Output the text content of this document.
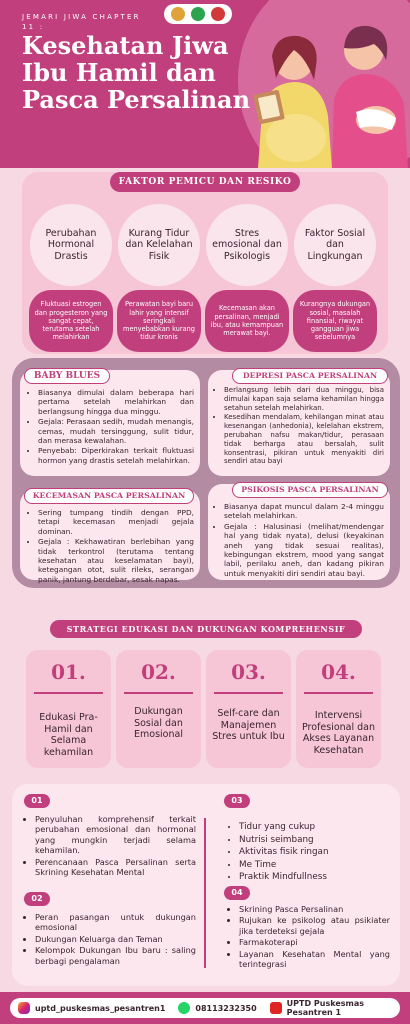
JEMARI JIWA CHAPTER 11 :
Kesehatan Jiwa Ibu Hamil dan Pasca Persalinan
FAKTOR PEMICU DAN RESIKO
Perubahan Hormonal Drastis
Kurang Tidur dan Kelelahan Fisik
Stres emosional dan Psikologis
Faktor Sosial dan Lingkungan
Fluktuasi estrogen dan progesteron yang sangat cepat, terutama setelah melahirkan
Perawatan bayi baru lahir yang intensif seringkali menyebabkan kurang tidur kronis
Kecemasan akan persalinan, menjadi ibu, atau kemampuan merawat bayi.
Kurangnya dukungan sosial, masalah finansial, riwayat gangguan jiwa sebelumnya
BABY BLUES
• Biasanya dimulai dalam beberapa hari pertama setelah melahirkan dan berlangsung hingga dua minggu.
• Gejala: Perasaan sedih, mudah menangis, cemas, mudah tersinggung, sulit tidur, dan merasa kewalahan.
• Penyebab: Diperkirakan terkait fluktuasi hormon yang drastis setelah melahirkan.
DEPRESI PASCA PERSALINAN
• Berlangsung lebih dari dua minggu, bisa dimulai kapan saja selama kehamilan hingga setahun setelah melahirkan.
• Kesedihan mendalam, kehilangan minat atau kesenangan (anhedonia), kelelahan ekstrem, perubahan nafsu makan/tidur, perasaan tidak berharga atau bersalah, sulit konsentrasi, pikiran untuk menyakiti diri sendiri atau bayi
KECEMASAN PASCA PERSALINAN
• Sering tumpang tindih dengan PPD, tetapi kecemasan menjadi gejala dominan.
• Gejala : Kekhawatiran berlebihan yang tidak terkontrol (terutama tentang kesehatan atau keselamatan bayi), ketegangan otot, sulit rileks, serangan panik, jantung berdebar, sesak napas.
PSIKOSIS PASCA PERSALINAN
• Biasanya dapat muncul dalam 2-4 minggu setelah melahirkan.
• Gejala : Halusinasi (melihat/mendengar hal yang tidak nyata), delusi (keyakinan aneh yang tidak sesuai realitas), kebingungan ekstrem, mood yang sangat labil, perilaku aneh, dan kadang pikiran untuk menyakiti diri sendiri atau bayi.
STRATEGI EDUKASI DAN DUKUNGAN KOMPREHENSIF
01.
Edukasi Pra-Hamil dan Selama kehamilan
02.
Dukungan Sosial dan Emosional
03.
Self-care dan Manajemen Stres untuk Ibu
04.
Intervensi Profesional dan Akses Layanan Kesehatan
01
• Penyuluhan komprehensif terkait perubahan emosional dan hormonal yang mungkin terjadi selama kehamilan.
• Perencanaan Pasca Persalinan serta Skrining Kesehatan Mental
02
• Peran pasangan untuk dukungan emosional
• Dukungan Keluarga dan Teman
• Kelompok Dukungan Ibu baru : saling berbagi pengalaman
03
• Tidur yang cukup
• Nutrisi seimbang
• Aktivitas fisik ringan
• Me Time
• Praktik Mindfullness
04
• Skrining Pasca Persalinan
• Rujukan ke psikolog atau psikiater jika terdeteksi gejala
• Farmakoterapi
• Layanan Kesehatan Mental yang terintegrasi
uptd_puskesmas_pesantren1	08113232350	UPTD Puskesmas Pesantren 1
